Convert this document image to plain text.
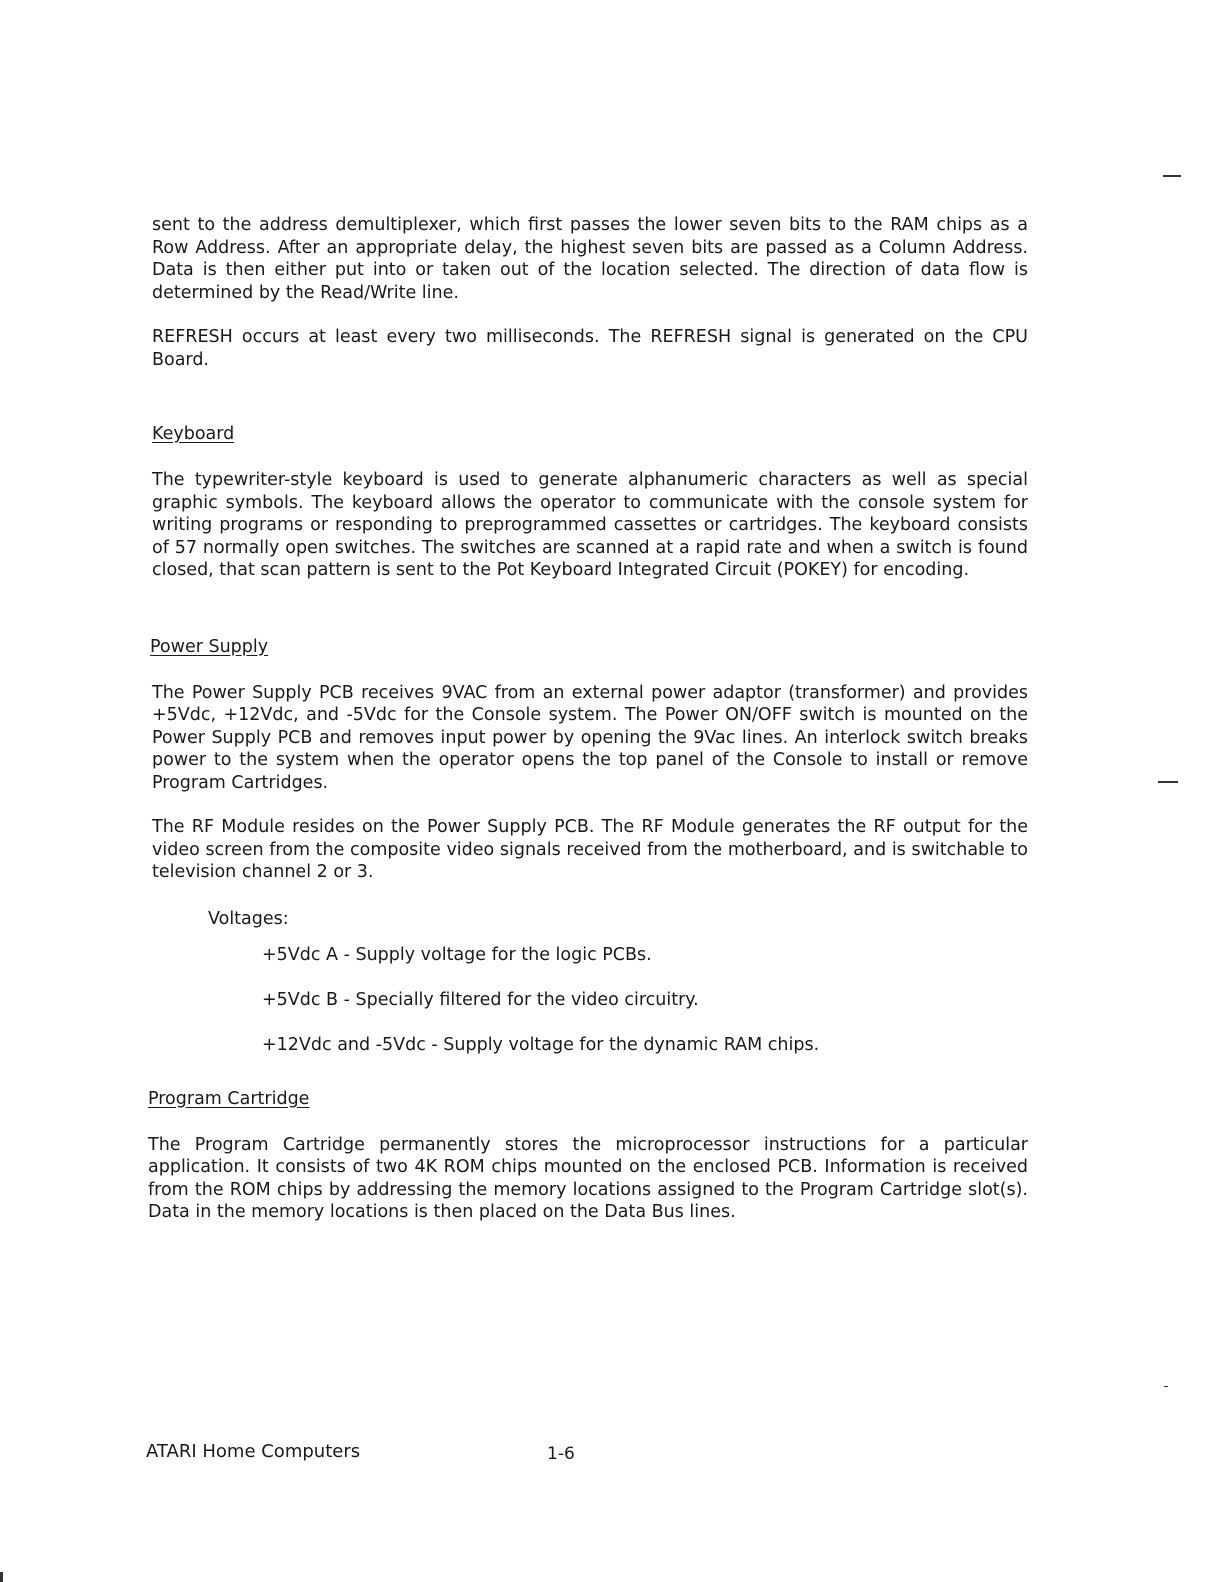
sent to the address demultiplexer, which first passes the lower seven bits to the RAM chips as a Row Address. After an appropriate delay, the highest seven bits are passed as a Column Address. Data is then either put into or taken out of the location selected. The direction of data flow is determined by the Read/Write line.

REFRESH occurs at least every two milliseconds. The REFRESH signal is generated on the CPU Board.

Keyboard

The typewriter-style keyboard is used to generate alphanumeric characters as well as special graphic symbols. The keyboard allows the operator to communicate with the console system for writing programs or responding to preprogrammed cassettes or cartridges. The keyboard consists of 57 normally open switches. The switches are scanned at a rapid rate and when a switch is found closed, that scan pattern is sent to the Pot Keyboard Integrated Circuit (POKEY) for encoding.

Power Supply

The Power Supply PCB receives 9VAC from an external power adaptor (transformer) and provides +5Vdc, +12Vdc, and -5Vdc for the Console system. The Power ON/OFF switch is mounted on the Power Supply PCB and removes input power by opening the 9Vac lines. An interlock switch breaks power to the system when the operator opens the top panel of the Console to install or remove Program Cartridges.

The RF Module resides on the Power Supply PCB. The RF Module generates the RF output for the video screen from the composite video signals received from the motherboard, and is switchable to television channel 2 or 3.

Voltages:
+5Vdc A - Supply voltage for the logic PCBs.
+5Vdc B - Specially filtered for the video circuitry.
+12Vdc and -5Vdc - Supply voltage for the dynamic RAM chips.
Program Cartridge

The Program Cartridge permanently stores the microprocessor instructions for a particular application. It consists of two 4K ROM chips mounted on the enclosed PCB. Information is received from the ROM chips by addressing the memory locations assigned to the Program Cartridge slot(s). Data in the memory locations is then placed on the Data Bus lines.

ATARI Home Computers	1-6
